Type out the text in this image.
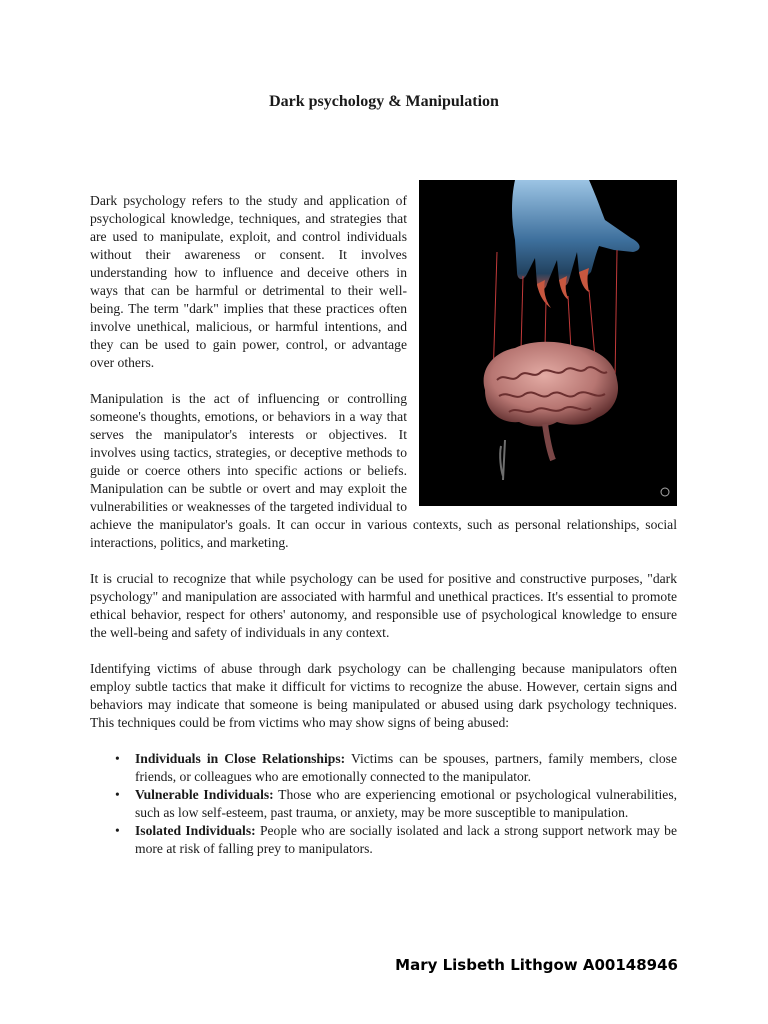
Dark psychology & Manipulation

Dark psychology refers to the study and application of psychological knowledge, techniques, and strategies that are used to manipulate, exploit, and control individuals without their awareness or consent. It involves understanding how to influence and deceive others in ways that can be harmful or detrimental to their well-being. The term "dark" implies that these practices often involve unethical, malicious, or harmful intentions, and they can be used to gain power, control, or advantage over others.

Manipulation is the act of influencing or controlling someone's thoughts, emotions, or behaviors in a way that serves the manipulator's interests or objectives. It involves using tactics, strategies, or deceptive methods to guide or coerce others into specific actions or beliefs. Manipulation can be subtle or overt and may exploit the vulnerabilities or weaknesses of the targeted individual to achieve the manipulator's goals. It can occur in various contexts, such as personal relationships, social interactions, politics, and marketing.

It is crucial to recognize that while psychology can be used for positive and constructive purposes, "dark psychology" and manipulation are associated with harmful and unethical practices. It's essential to promote ethical behavior, respect for others' autonomy, and responsible use of psychological knowledge to ensure the well-being and safety of individuals in any context.

Identifying victims of abuse through dark psychology can be challenging because manipulators often employ subtle tactics that make it difficult for victims to recognize the abuse. However, certain signs and behaviors may indicate that someone is being manipulated or abused using dark psychology techniques. This techniques could be from victims who may show signs of being abused:

• Individuals in Close Relationships: Victims can be spouses, partners, family members, close friends, or colleagues who are emotionally connected to the manipulator.
• Vulnerable Individuals: Those who are experiencing emotional or psychological vulnerabilities, such as low self-esteem, past trauma, or anxiety, may be more susceptible to manipulation.
• Isolated Individuals: People who are socially isolated and lack a strong support network may be more at risk of falling prey to manipulators.
Mary Lisbeth Lithgow A00148946
